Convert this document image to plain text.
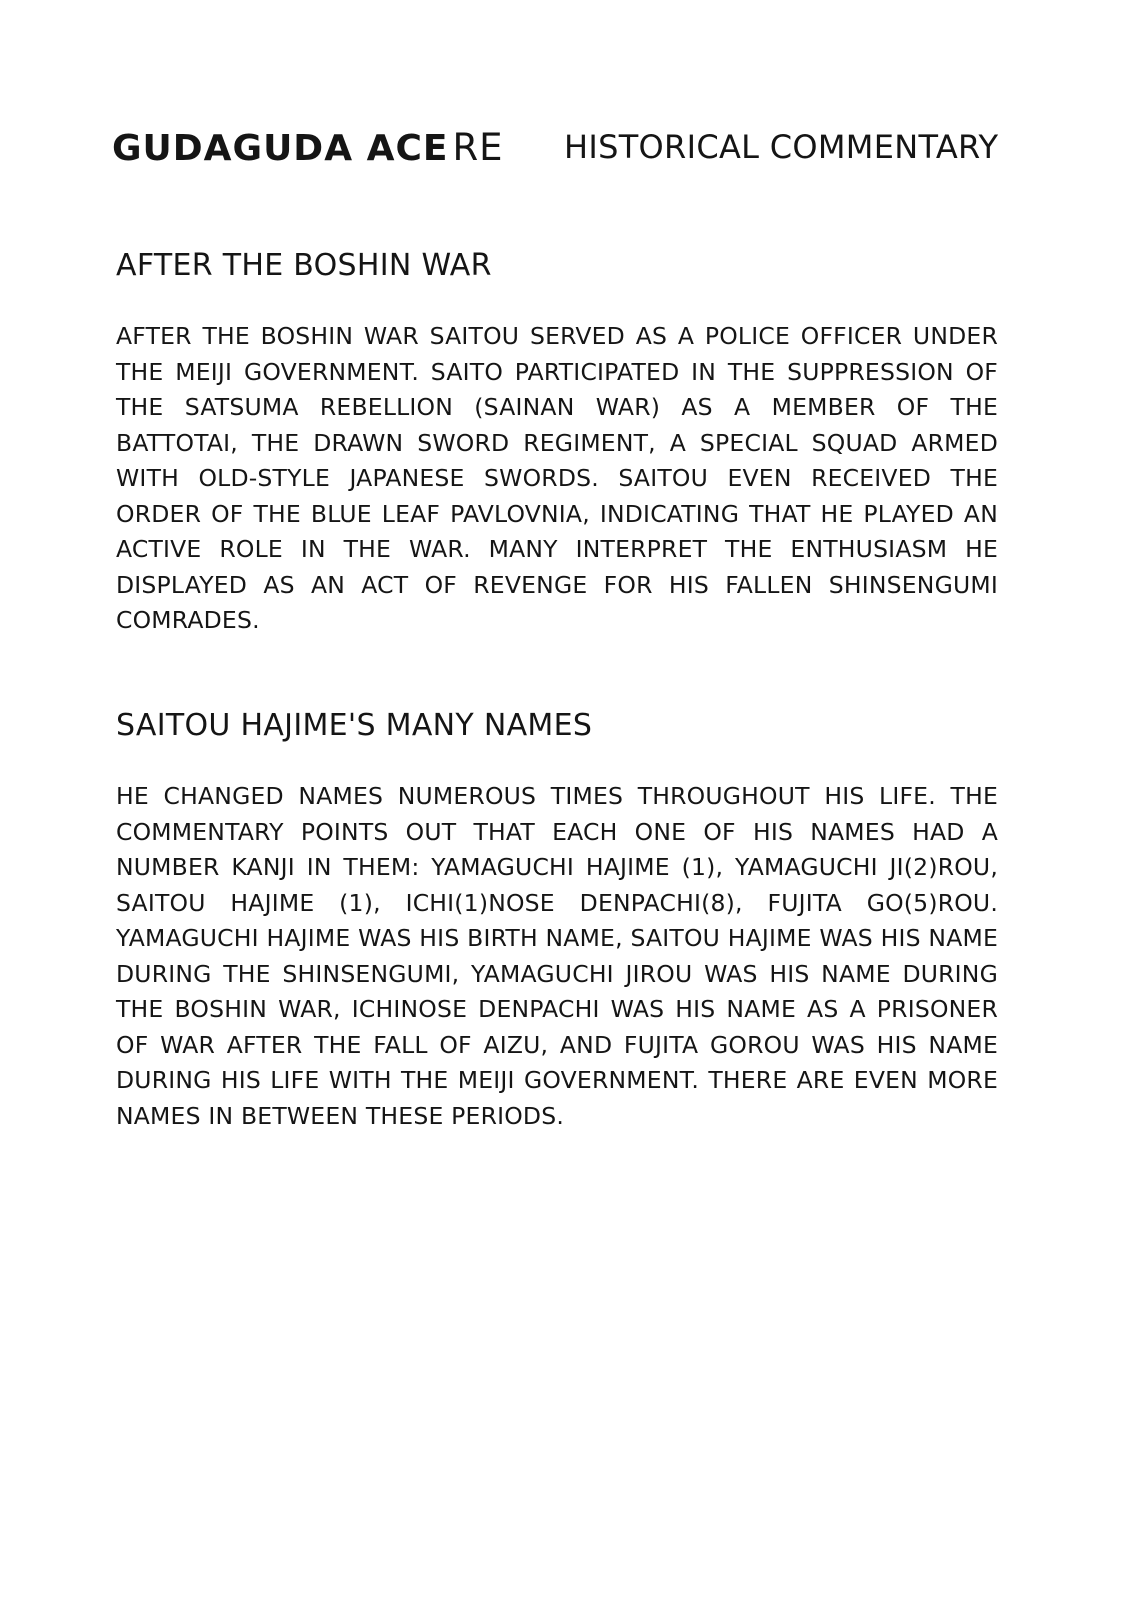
GUDAGUDA ACE RE HISTORICAL COMMENTARY
AFTER THE BOSHIN WAR

AFTER THE BOSHIN WAR SAITOU SERVED AS A POLICE OFFICER UNDER THE MEIJI GOVERNMENT. SAITO PARTICIPATED IN THE SUPPRESSION OF THE SATSUMA REBELLION (SAINAN WAR) AS A MEMBER OF THE BATTOTAI, THE DRAWN SWORD REGIMENT, A SPECIAL SQUAD ARMED WITH OLD-STYLE JAPANESE SWORDS. SAITOU EVEN RECEIVED THE ORDER OF THE BLUE LEAF PAVLOVNIA, INDICATING THAT HE PLAYED AN ACTIVE ROLE IN THE WAR. MANY INTERPRET THE ENTHUSIASM HE DISPLAYED AS AN ACT OF REVENGE FOR HIS FALLEN SHINSENGUMI COMRADES.

SAITOU HAJIME'S MANY NAMES

HE CHANGED NAMES NUMEROUS TIMES THROUGHOUT HIS LIFE. THE COMMENTARY POINTS OUT THAT EACH ONE OF HIS NAMES HAD A NUMBER KANJI IN THEM: YAMAGUCHI HAJIME (1), YAMAGUCHI JI(2)ROU, SAITOU HAJIME (1), ICHI(1)NOSE DENPACHI(8), FUJITA GO(5)ROU. YAMAGUCHI HAJIME WAS HIS BIRTH NAME, SAITOU HAJIME WAS HIS NAME DURING THE SHINSENGUMI, YAMAGUCHI JIROU WAS HIS NAME DURING THE BOSHIN WAR, ICHINOSE DENPACHI WAS HIS NAME AS A PRISONER OF WAR AFTER THE FALL OF AIZU, AND FUJITA GOROU WAS HIS NAME DURING HIS LIFE WITH THE MEIJI GOVERNMENT. THERE ARE EVEN MORE NAMES IN BETWEEN THESE PERIODS.
